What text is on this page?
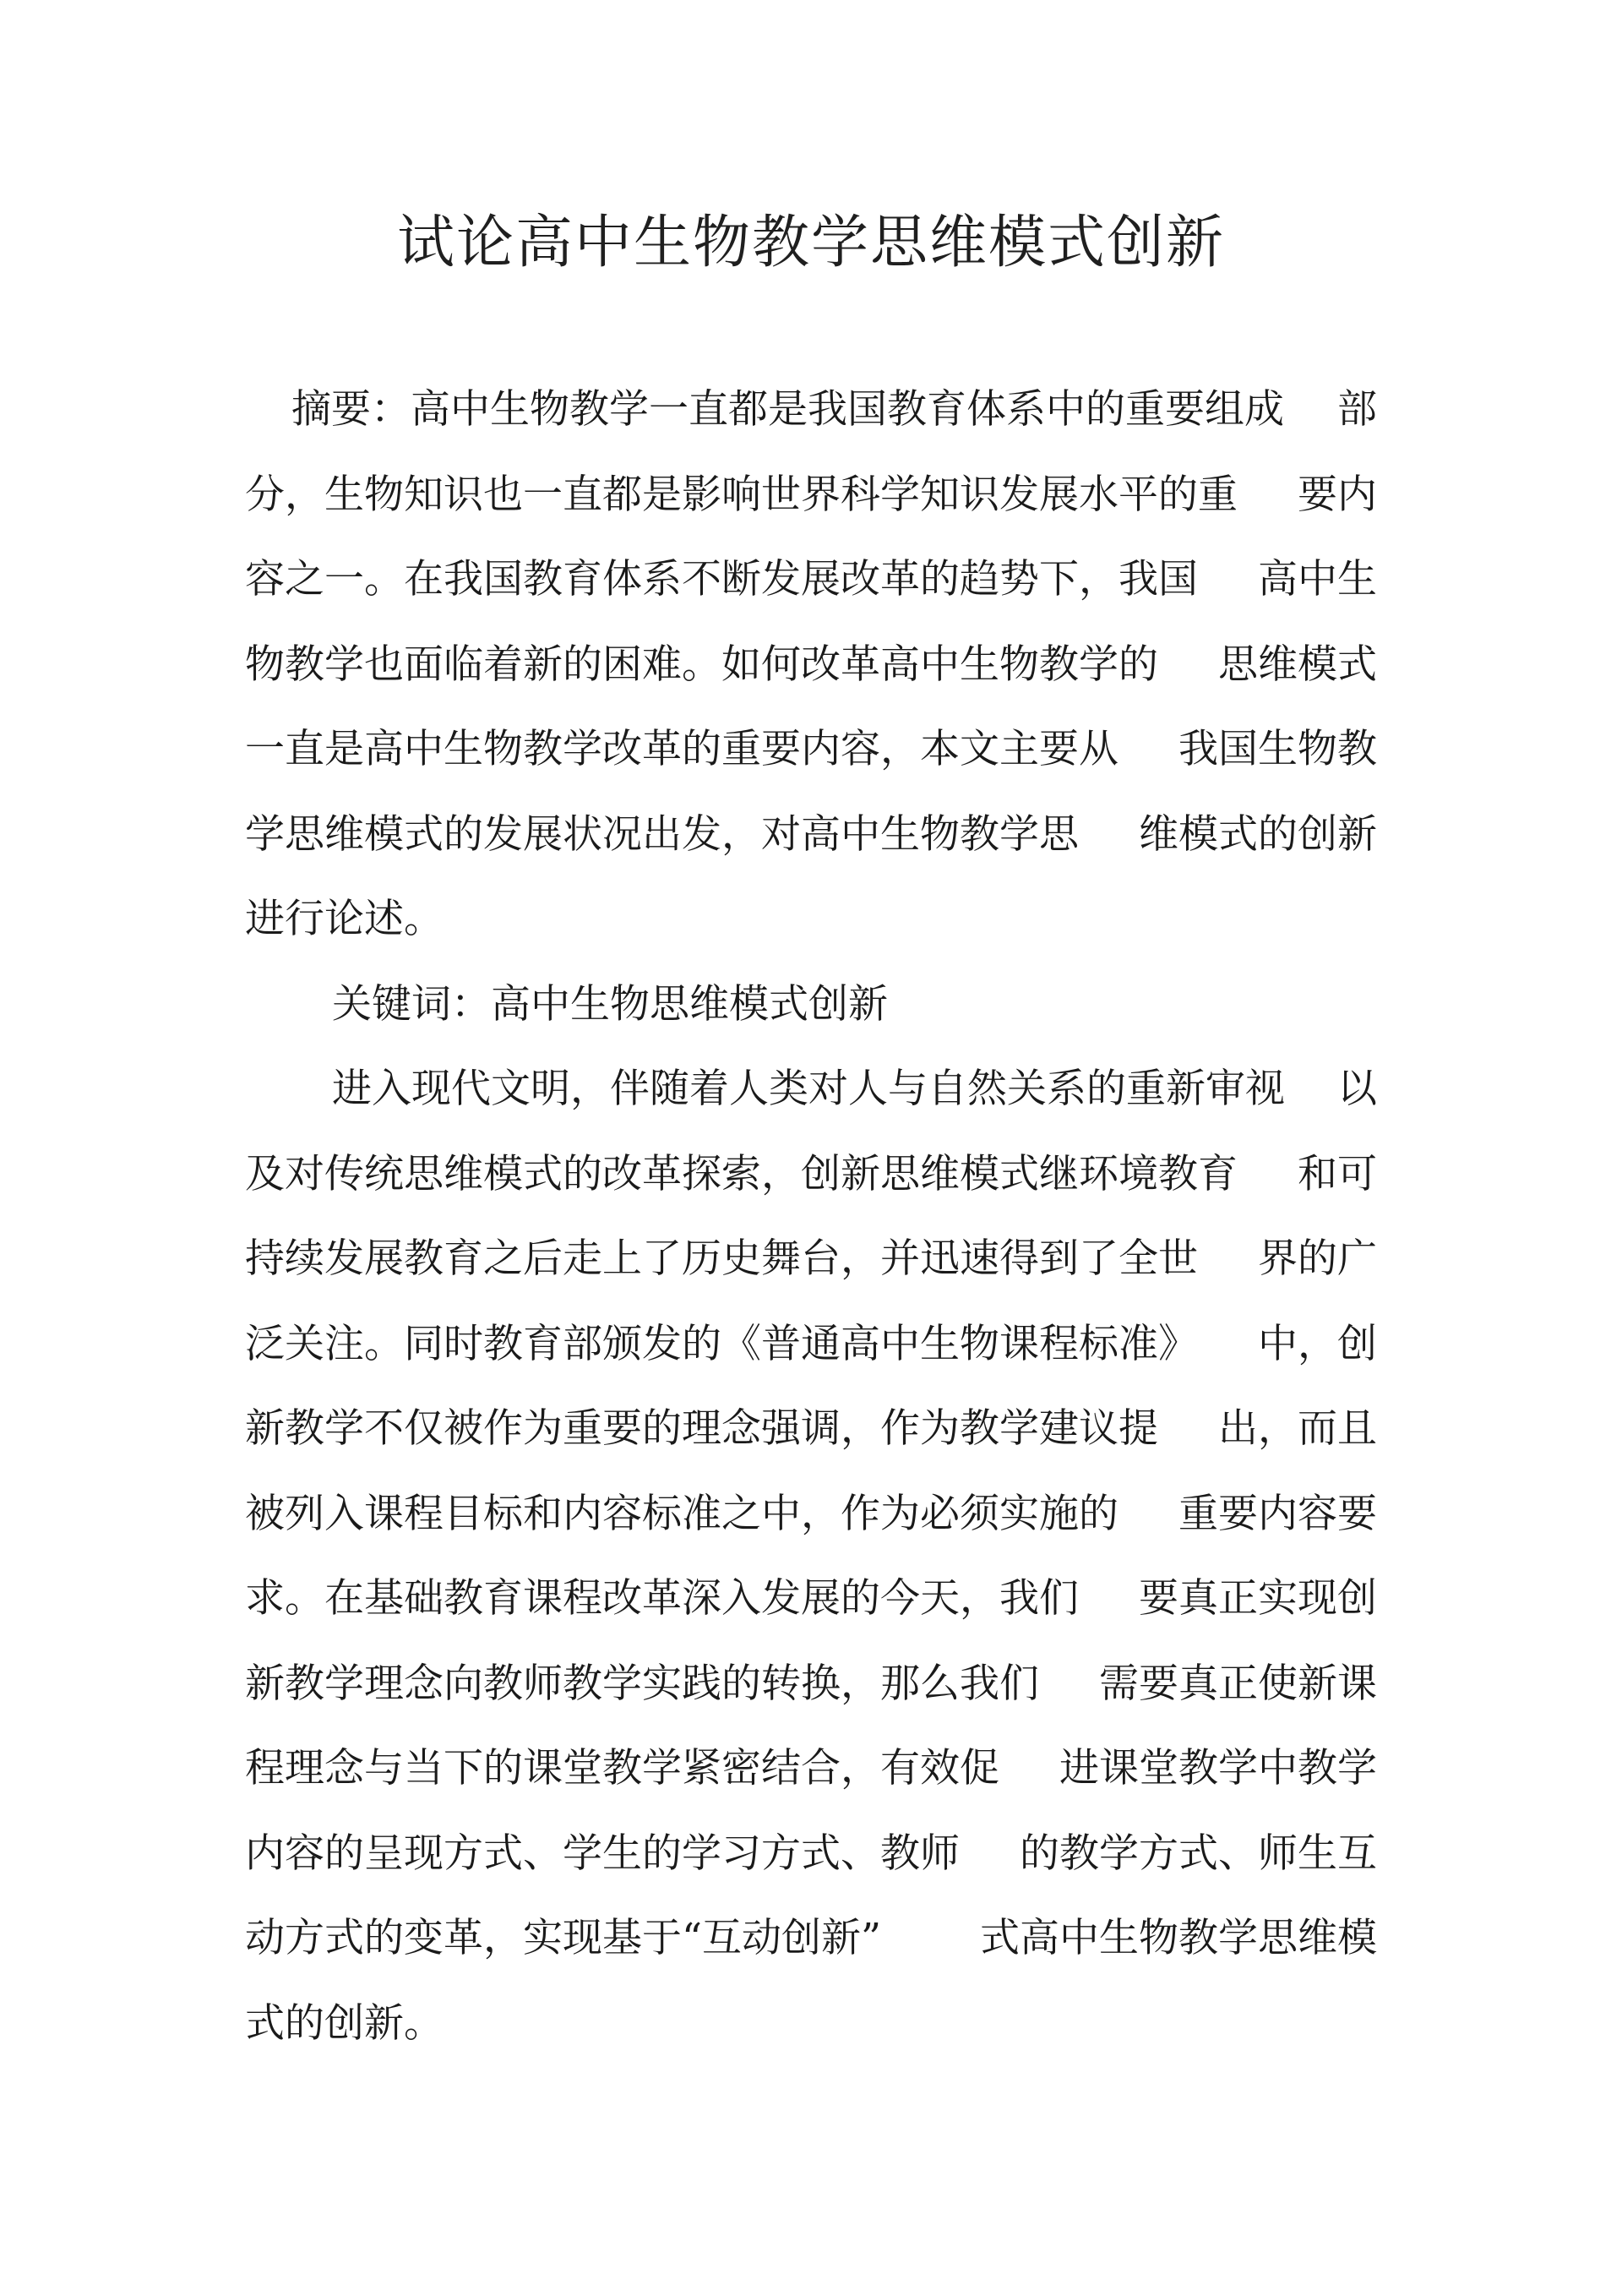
试论高中生物教学思维模式创新
摘要：高中生物教学一直都是我国教育体系中的重要组成 部
分，生物知识也一直都是影响世界科学知识发展水平的重 要内
容之一。在我国教育体系不断发展改革的趋势下，我国 高中生
物教学也面临着新的困难。如何改革高中生物教学的 思维模式
一直是高中生物教学改革的重要内容，本文主要从 我国生物教
学思维模式的发展状况出发，对高中生物教学思 维模式的创新
进行论述。
关键词：高中生物思维模式创新
进入现代文明，伴随着人类对人与自然关系的重新审视 以
及对传统思维模式的改革探索，创新思维模式继环境教育 和可
持续发展教育之后走上了历史舞台，并迅速得到了全世 界的广
泛关注。同时教育部颁发的《普通高中生物课程标准》 中，创
新教学不仅被作为重要的理念强调，作为教学建议提 出，而且
被列入课程目标和内容标准之中，作为必须实施的 重要内容要
求。在基础教育课程改革深入发展的今天，我们 要真正实现创
新教学理念向教师教学实践的转换，那么我们 需要真正使新课
程理念与当下的课堂教学紧密结合，有效促 进课堂教学中教学
内容的呈现方式、学生的学习方式、教师 的教学方式、师生互
动方式的变革，实现基于“互动创新” 式高中生物教学思维模
式的创新。
